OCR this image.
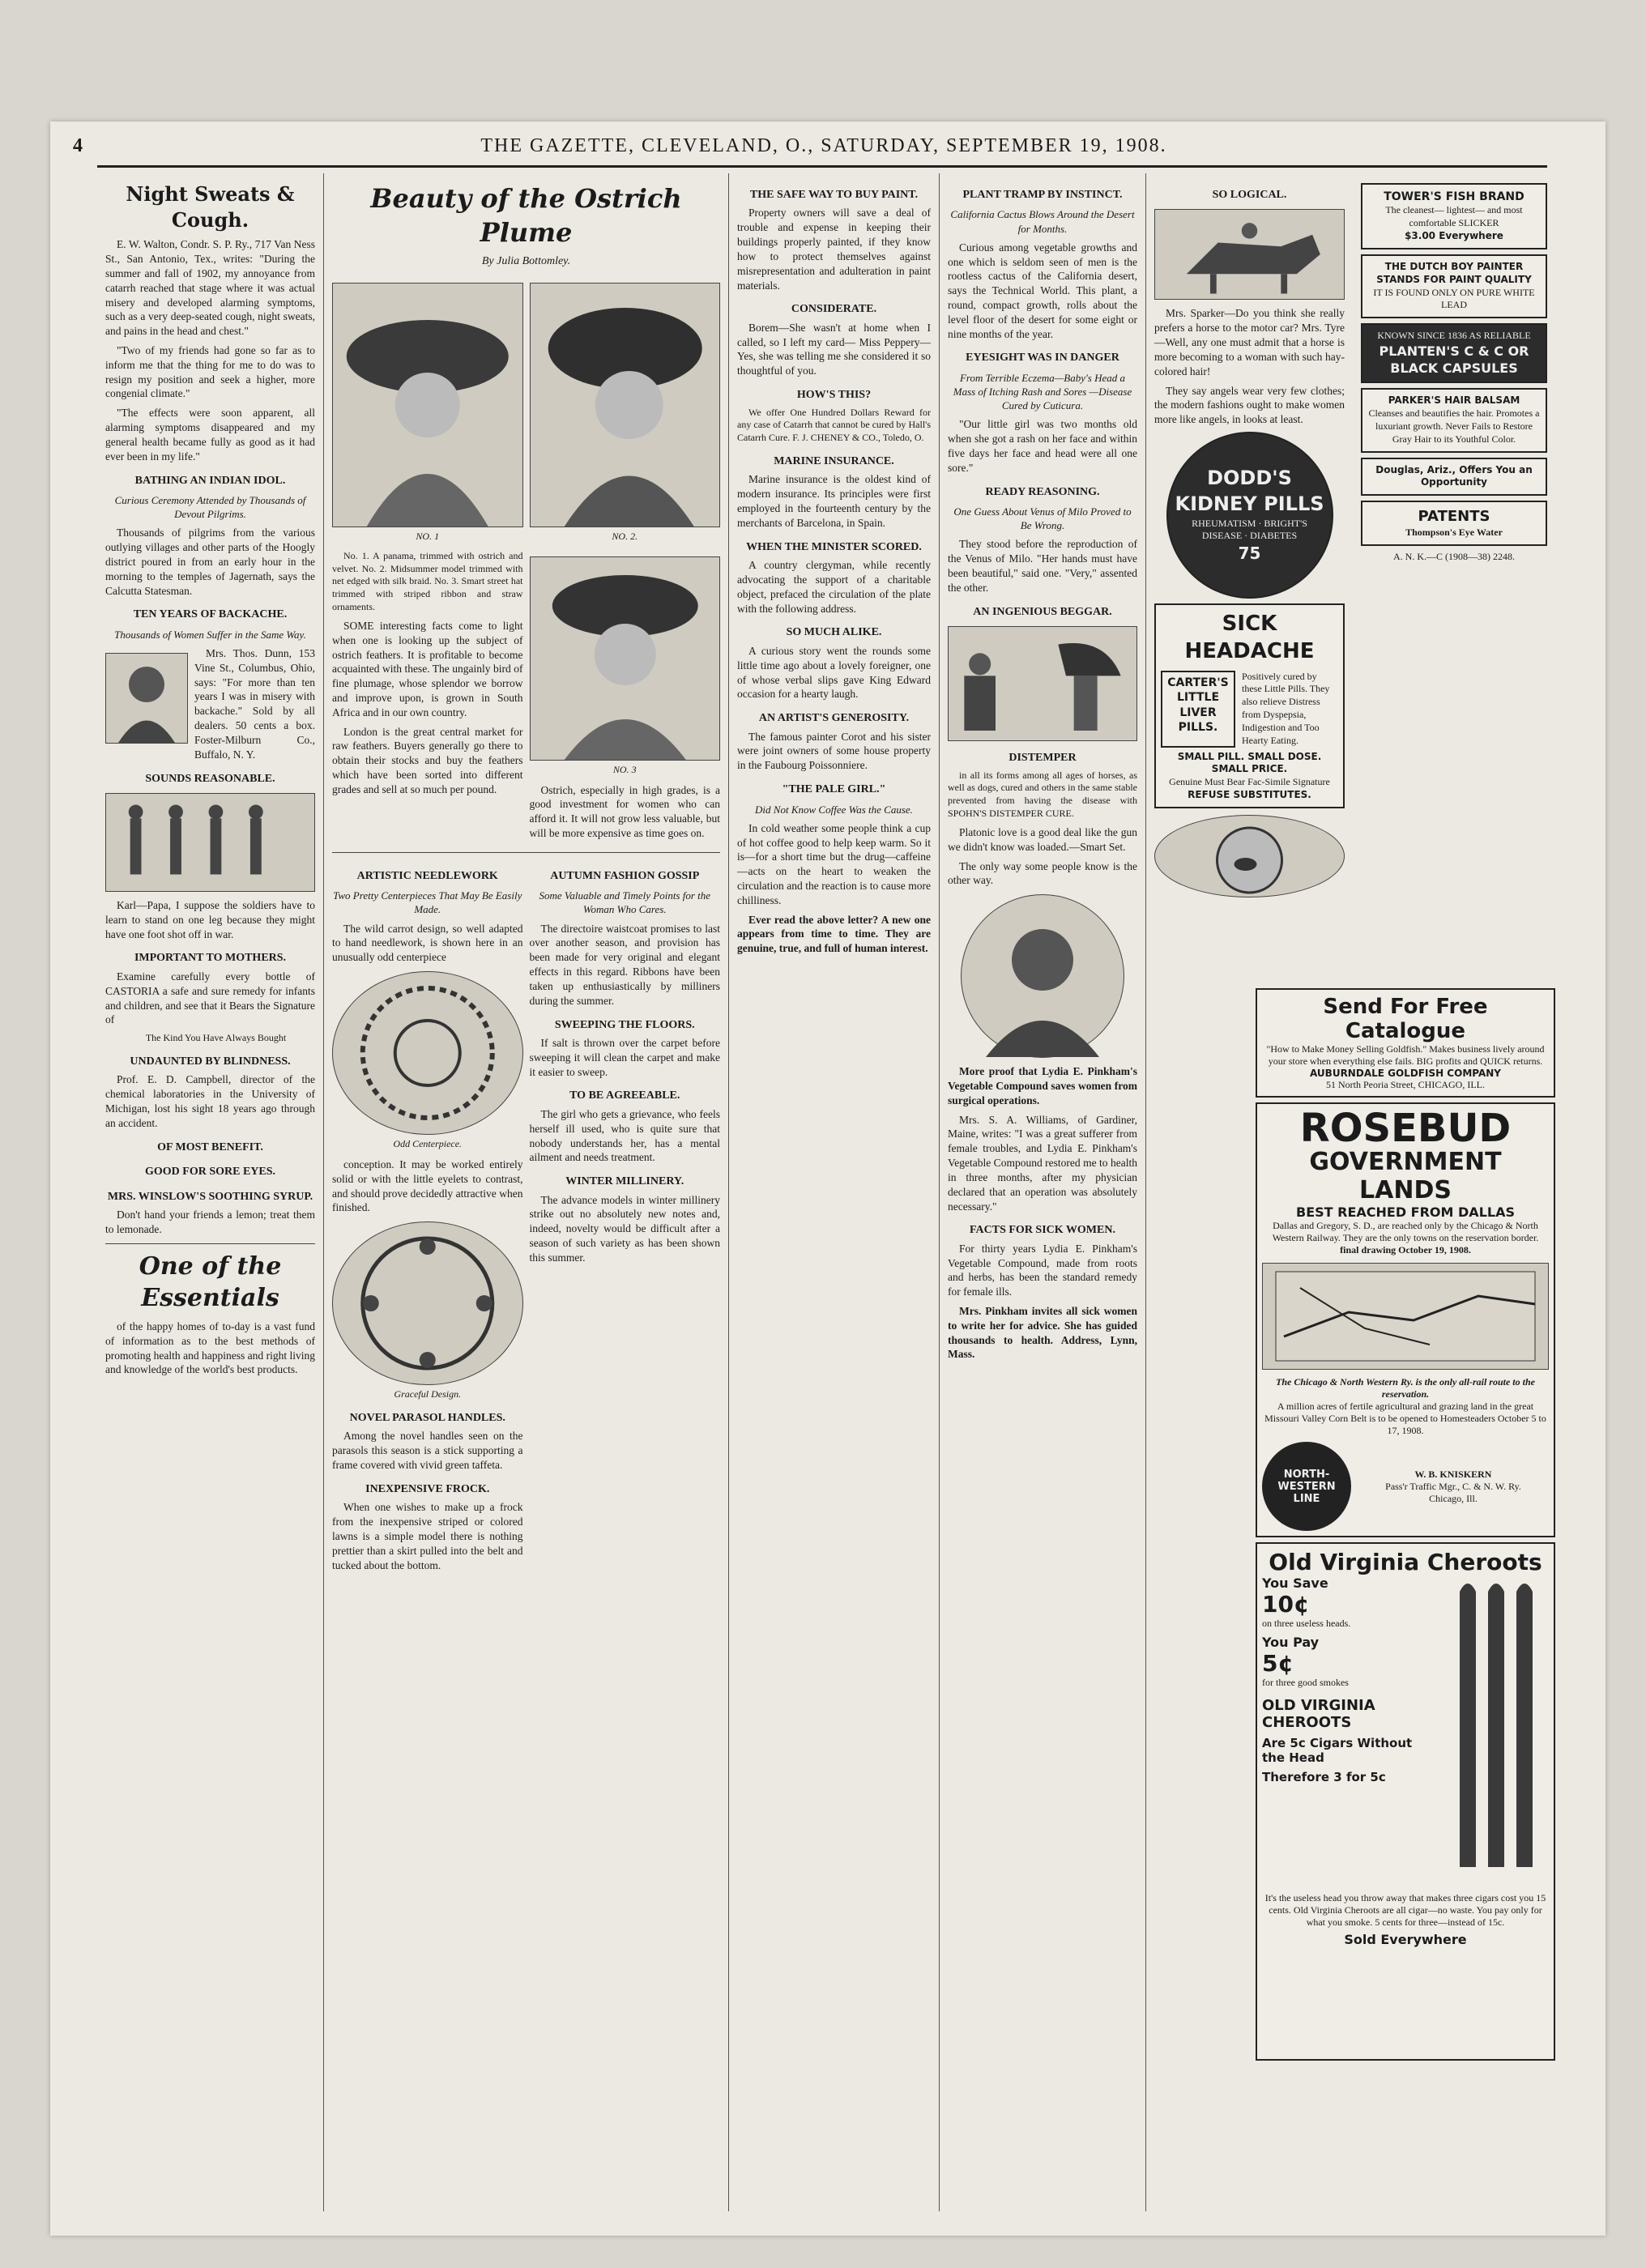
4	THE GAZETTE, CLEVELAND, O., SATURDAY, SEPTEMBER 19, 1908.
Night Sweats & Cough.

E. W. Walton, Condr. S. P. Ry., 717 Van Ness St., San Antonio, Tex., writes: "During the summer and fall of 1902, my annoyance from catarrh reached that stage where it was actual misery and developed alarming symptoms, such as a very deep-seated cough, night sweats, and pains in the head and chest."

"Two of my friends had gone so far as to inform me that the thing for me to do was to resign my position and seek a higher, more congenial climate."

"The effects were soon apparent, all alarming symptoms disappeared and my general health became fully as good as it had ever been in my life."

BATHING AN INDIAN IDOL.
Curious Ceremony Attended by Thousands of Devout Pilgrims.

Thousands of pilgrims from the various outlying villages and other parts of the Hoogly district poured in from an early hour in the morning to the temples of Jagernath, says the Calcutta Statesman.

TEN YEARS OF BACKACHE.
Thousands of Women Suffer in the Same Way.

Mrs. Thos. Dunn, 153 Vine St., Columbus, Ohio, says: "For more than ten years I was in misery with backache." Sold by all dealers. 50 cents a box. Foster-Milburn Co., Buffalo, N. Y.

SOUNDS REASONABLE.

Karl—Papa, I suppose the soldiers have to learn to stand on one leg because they might have one foot shot off in war.

IMPORTANT TO MOTHERS.

Examine carefully every bottle of CASTORIA a safe and sure remedy for infants and children, and see that it Bears the Signature of

The Kind You Have Always Bought

UNDAUNTED BY BLINDNESS.

Prof. E. D. Campbell, director of the chemical laboratories in the University of Michigan, lost his sight 18 years ago through an accident.

OF MOST BENEFIT.
GOOD FOR SORE EYES.
MRS. WINSLOW'S SOOTHING SYRUP.

Don't hand your friends a lemon; treat them to lemonade.

One of the Essentials

of the happy homes of to-day is a vast fund of information as to the best methods of promoting health and happiness and right living and knowledge of the world's best products.

Beauty of the Ostrich Plume
By Julia Bottomley.
NO. 1	NO. 2.

No. 1. A panama, trimmed with ostrich and velvet. No. 2. Midsummer model trimmed with net edged with silk braid. No. 3. Smart street hat trimmed with striped ribbon and straw ornaments.

SOME interesting facts come to light when one is looking up the subject of ostrich feathers. It is profitable to become acquainted with these. The ungainly bird of fine plumage, whose splendor we borrow and improve upon, is grown in South Africa and in our own country.

London is the great central market for raw feathers. Buyers generally go there to obtain their stocks and buy the feathers which have been sorted into different grades and sell at so much per pound.

NO. 3

Ostrich, especially in high grades, is a good investment for women who can afford it. It will not grow less valuable, but will be more expensive as time goes on.

ARTISTIC NEEDLEWORK
Two Pretty Centerpieces That May Be Easily Made.

The wild carrot design, so well adapted to hand needlework, is shown here in an unusually odd centerpiece

Odd Centerpiece.

conception. It may be worked entirely solid or with the little eyelets to contrast, and should prove decidedly attractive when finished.

Graceful Design.
NOVEL PARASOL HANDLES.

Among the novel handles seen on the parasols this season is a stick supporting a frame covered with vivid green taffeta.

INEXPENSIVE FROCK.

When one wishes to make up a frock from the inexpensive striped or colored lawns is a simple model there is nothing prettier than a skirt pulled into the belt and tucked about the bottom.

AUTUMN FASHION GOSSIP
Some Valuable and Timely Points for the Woman Who Cares.

The directoire waistcoat promises to last over another season, and provision has been made for very original and elegant effects in this regard. Ribbons have been taken up enthusiastically by milliners during the summer.

SWEEPING THE FLOORS.

If salt is thrown over the carpet before sweeping it will clean the carpet and make it easier to sweep.

TO BE AGREEABLE.

The girl who gets a grievance, who feels herself ill used, who is quite sure that nobody understands her, has a mental ailment and needs treatment.

WINTER MILLINERY.

The advance models in winter millinery strike out no absolutely new notes and, indeed, novelty would be difficult after a season of such variety as has been shown this summer.

THE SAFE WAY TO BUY PAINT.

Property owners will save a deal of trouble and expense in keeping their buildings properly painted, if they know how to protect themselves against misrepresentation and adulteration in paint materials.

CONSIDERATE.

Borem—She wasn't at home when I called, so I left my card— Miss Peppery—Yes, she was telling me she considered it so thoughtful of you.

HOW'S THIS?

We offer One Hundred Dollars Reward for any case of Catarrh that cannot be cured by Hall's Catarrh Cure. F. J. CHENEY & CO., Toledo, O.

MARINE INSURANCE.

Marine insurance is the oldest kind of modern insurance. Its principles were first employed in the fourteenth century by the merchants of Barcelona, in Spain.

WHEN THE MINISTER SCORED.

A country clergyman, while recently advocating the support of a charitable object, prefaced the circulation of the plate with the following address.

SO MUCH ALIKE.

A curious story went the rounds some little time ago about a lovely foreigner, one of whose verbal slips gave King Edward occasion for a hearty laugh.

AN ARTIST'S GENEROSITY.

The famous painter Corot and his sister were joint owners of some house property in the Faubourg Poissonniere.

"THE PALE GIRL."
Did Not Know Coffee Was the Cause.

In cold weather some people think a cup of hot coffee good to help keep warm. So it is—for a short time but the drug—caffeine—acts on the heart to weaken the circulation and the reaction is to cause more chilliness.

Ever read the above letter? A new one appears from time to time. They are genuine, true, and full of human interest.

PLANT TRAMP BY INSTINCT.
California Cactus Blows Around the Desert for Months.

Curious among vegetable growths and one which is seldom seen of men is the rootless cactus of the California desert, says the Technical World. This plant, a round, compact growth, rolls about the level floor of the desert for some eight or nine months of the year.

EYESIGHT WAS IN DANGER
From Terrible Eczema—Baby's Head a Mass of Itching Rash and Sores —Disease Cured by Cuticura.

"Our little girl was two months old when she got a rash on her face and within five days her face and head were all one sore."

READY REASONING.
One Guess About Venus of Milo Proved to Be Wrong.

They stood before the reproduction of the Venus of Milo. "Her hands must have been beautiful," said one. "Very," assented the other.

AN INGENIOUS BEGGAR.
DISTEMPER

in all its forms among all ages of horses, as well as dogs, cured and others in the same stable prevented from having the disease with SPOHN'S DISTEMPER CURE.

Platonic love is a good deal like the gun we didn't know was loaded.—Smart Set.

The only way some people know is the other way.

More proof that Lydia E. Pinkham's Vegetable Compound saves women from surgical operations.

Mrs. S. A. Williams, of Gardiner, Maine, writes: "I was a great sufferer from female troubles, and Lydia E. Pinkham's Vegetable Compound restored me to health in three months, after my physician declared that an operation was absolutely necessary."

FACTS FOR SICK WOMEN.

For thirty years Lydia E. Pinkham's Vegetable Compound, made from roots and herbs, has been the standard remedy for female ills.

Mrs. Pinkham invites all sick women to write her for advice. She has guided thousands to health. Address, Lynn, Mass.

SO LOGICAL.

Mrs. Sparker—Do you think she really prefers a horse to the motor car? Mrs. Tyre—Well, any one must admit that a horse is more becoming to a woman with such hay-colored hair!

They say angels wear very few clothes; the modern fashions ought to make women more like angels, in looks at least.

DODD'S KIDNEY PILLS
RHEUMATISM · BRIGHT'S DISEASE · DIABETES
75
SICK HEADACHE
CARTER'S LITTLE LIVER PILLS.
Positively cured by these Little Pills. They also relieve Distress from Dyspepsia, Indigestion and Too Hearty Eating.
SMALL PILL. SMALL DOSE. SMALL PRICE.
Genuine Must Bear Fac-Simile Signature
REFUSE SUBSTITUTES.
Send For Free Catalogue
"How to Make Money Selling Goldfish." Makes business lively around your store when everything else fails. BIG profits and QUICK returns.
AUBURNDALE GOLDFISH COMPANY
51 North Peoria Street, CHICAGO, ILL.
ROSEBUD
GOVERNMENT LANDS
BEST REACHED FROM DALLAS
Dallas and Gregory, S. D., are reached only by the Chicago & North Western Railway. They are the only towns on the reservation border.
final drawing October 19, 1908.
The Chicago & North Western Ry. is the only all-rail route to the reservation.
A million acres of fertile agricultural and grazing land in the great Missouri Valley Corn Belt is to be opened to Homesteaders October 5 to 17, 1908.
NORTH-WESTERN
LINE
W. B. KNISKERN
Pass'r Traffic Mgr., C. & N. W. Ry.
Chicago, Ill.
Old Virginia Cheroots
You Save
10¢
on three useless heads.
You Pay
5¢
for three good smokes
OLD VIRGINIA CHEROOTS
Are 5c Cigars Without the Head
Therefore 3 for 5c
It's the useless head you throw away that makes three cigars cost you 15 cents. Old Virginia Cheroots are all cigar—no waste. You pay only for what you smoke. 5 cents for three—instead of 15c.
Sold Everywhere
TOWER'S FISH BRAND
The cleanest— lightest— and most comfortable SLICKER
$3.00 Everywhere
THE DUTCH BOY PAINTER STANDS FOR PAINT QUALITY
IT IS FOUND ONLY ON PURE WHITE LEAD
KNOWN SINCE 1836 AS RELIABLE
PLANTEN'S C & C OR BLACK CAPSULES
PARKER'S HAIR BALSAM
Cleanses and beautifies the hair. Promotes a luxuriant growth. Never Fails to Restore Gray Hair to its Youthful Color.
Douglas, Ariz., Offers You an Opportunity
PATENTS
Thompson's Eye Water
A. N. K.—C (1908—38) 2248.
